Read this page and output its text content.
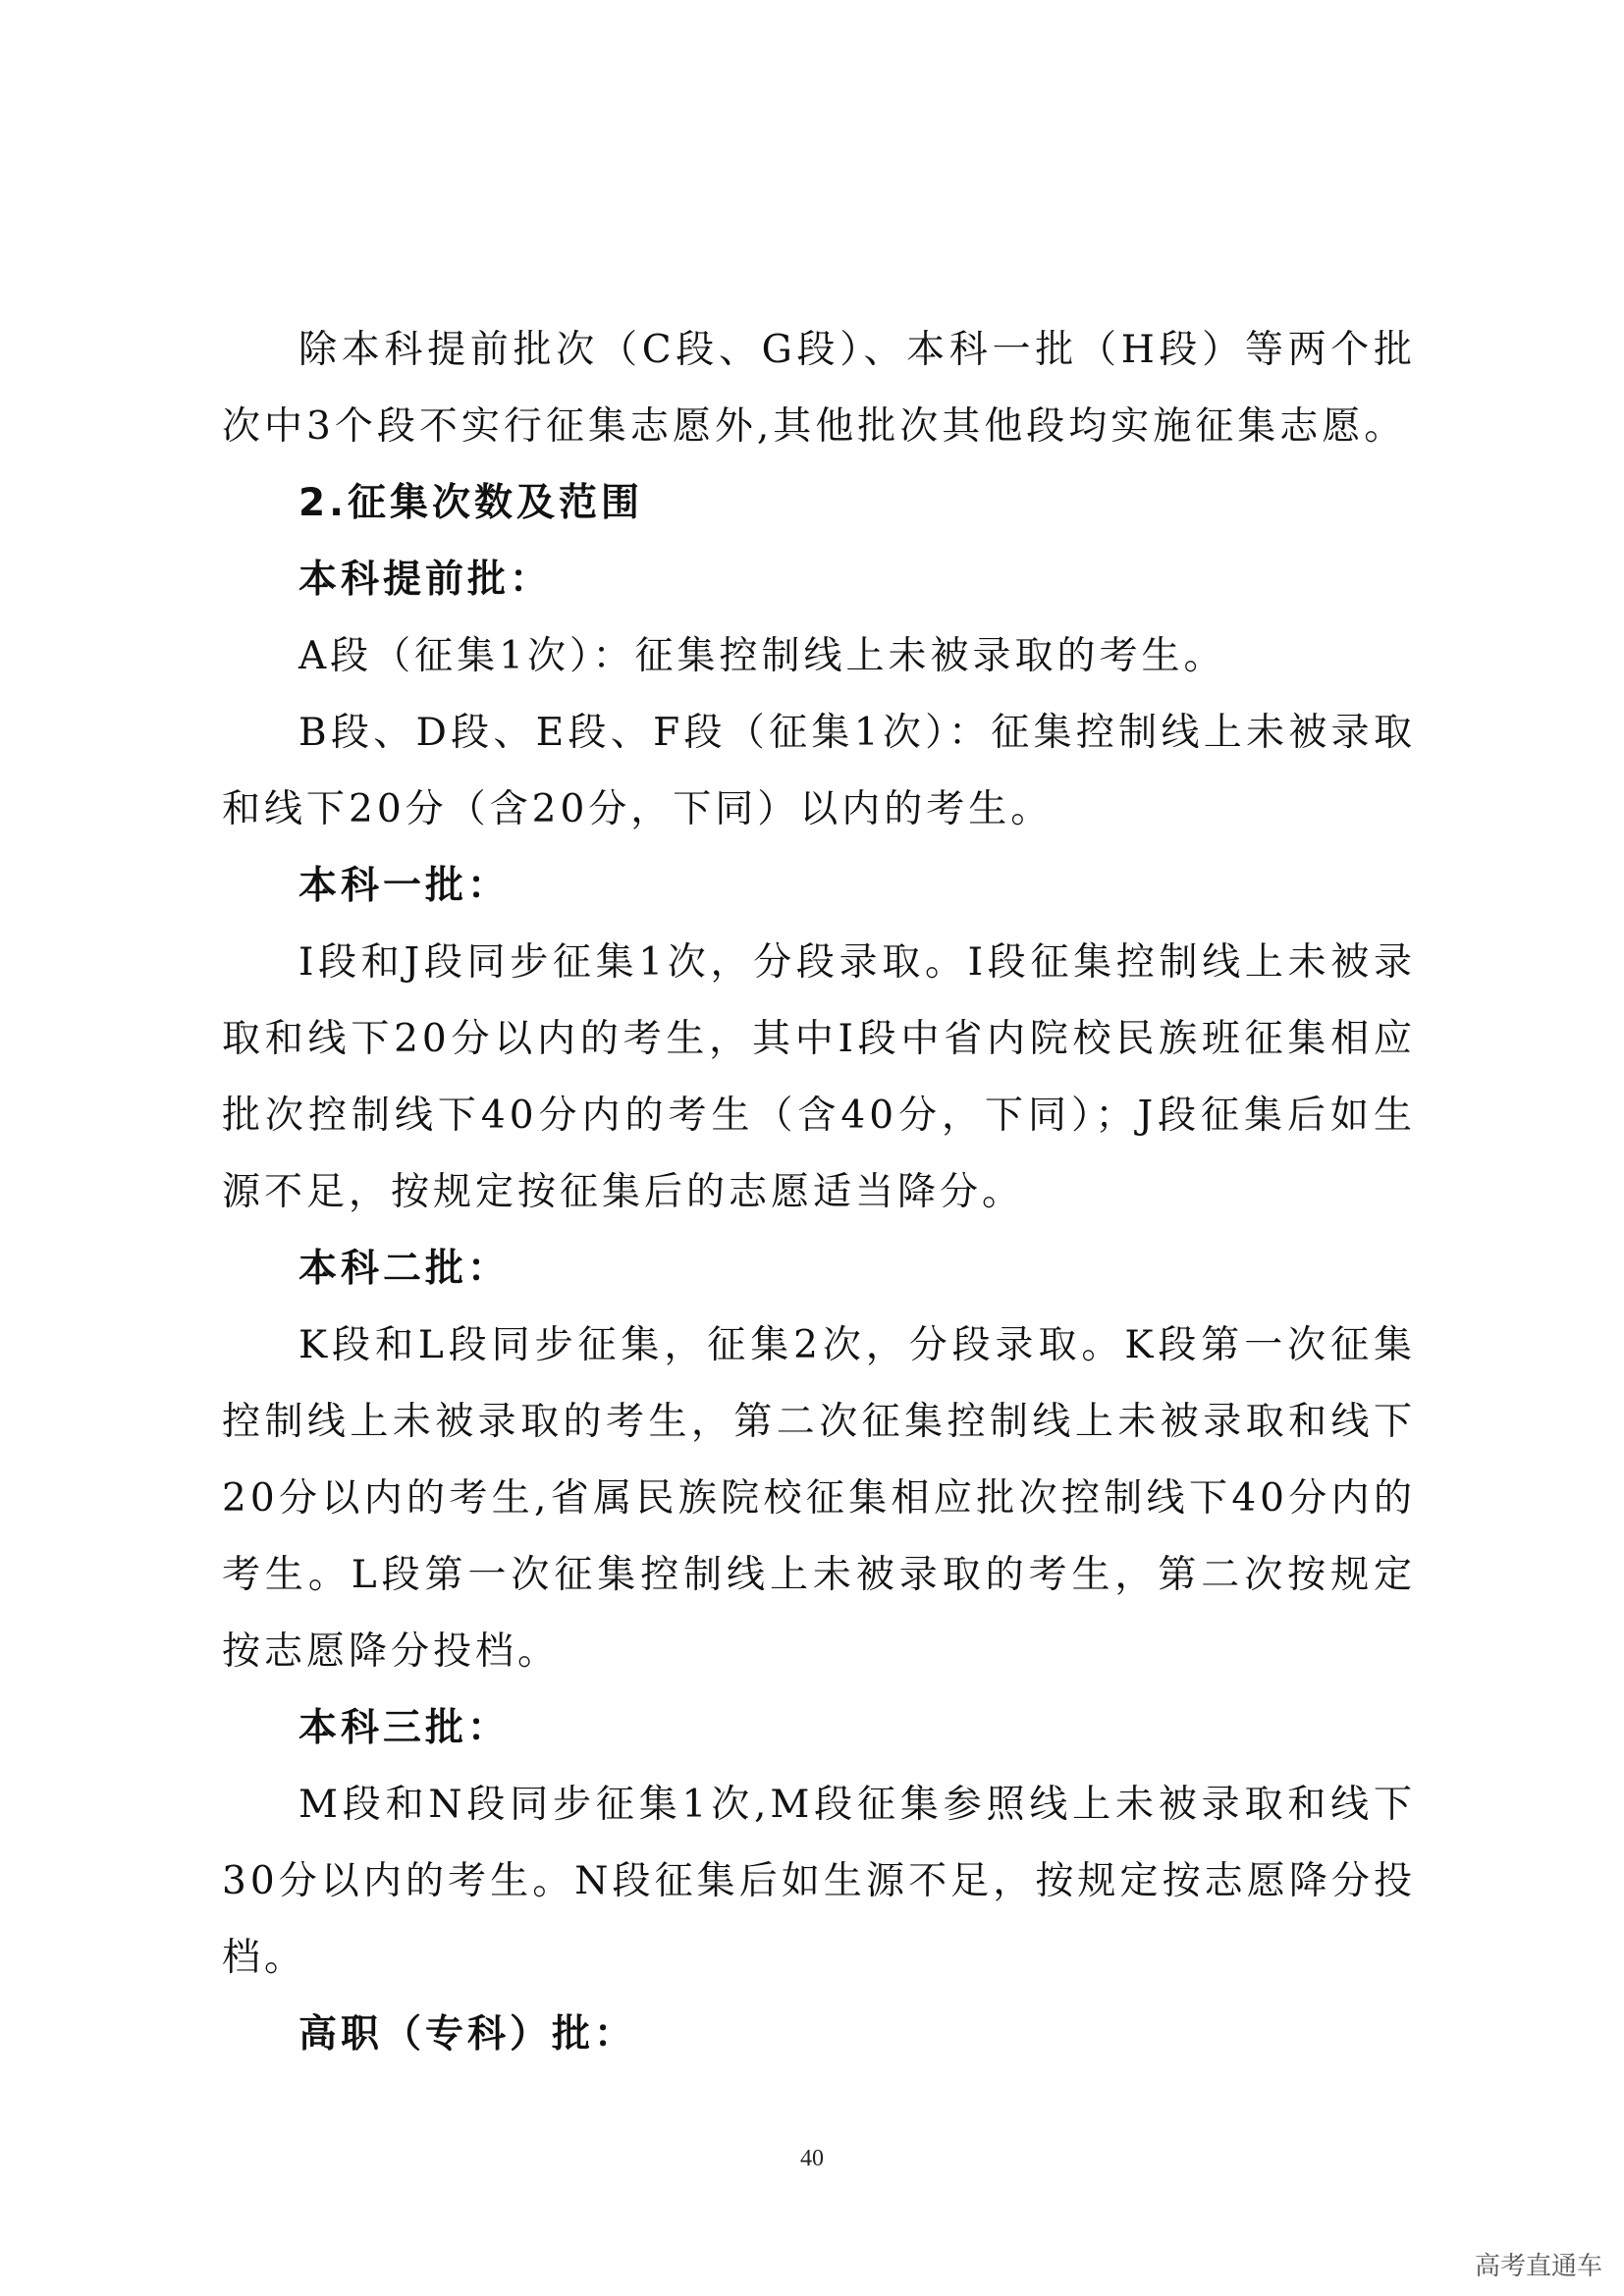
除本科提前批次（C段、G段）、本科一批（H段）等两个批次中3个段不实行征集志愿外,其他批次其他段均实施征集志愿。

2.征集次数及范围

本科提前批：

A段（征集1次）：征集控制线上未被录取的考生。

B段、D段、E段、F段（征集1次）：征集控制线上未被录取和线下20分（含20分，下同）以内的考生。

本科一批：

I段和J段同步征集1次，分段录取。I段征集控制线上未被录取和线下20分以内的考生，其中I段中省内院校民族班征集相应批次控制线下40分内的考生（含40分，下同）；J段征集后如生源不足，按规定按征集后的志愿适当降分。

本科二批：

K段和L段同步征集，征集2次，分段录取。K段第一次征集控制线上未被录取的考生，第二次征集控制线上未被录取和线下20分以内的考生,省属民族院校征集相应批次控制线下40分内的考生。L段第一次征集控制线上未被录取的考生，第二次按规定按志愿降分投档。

本科三批：

M段和N段同步征集1次,M段征集参照线上未被录取和线下30分以内的考生。N段征集后如生源不足，按规定按志愿降分投档。

高职（专科）批：

40
高考直通车
